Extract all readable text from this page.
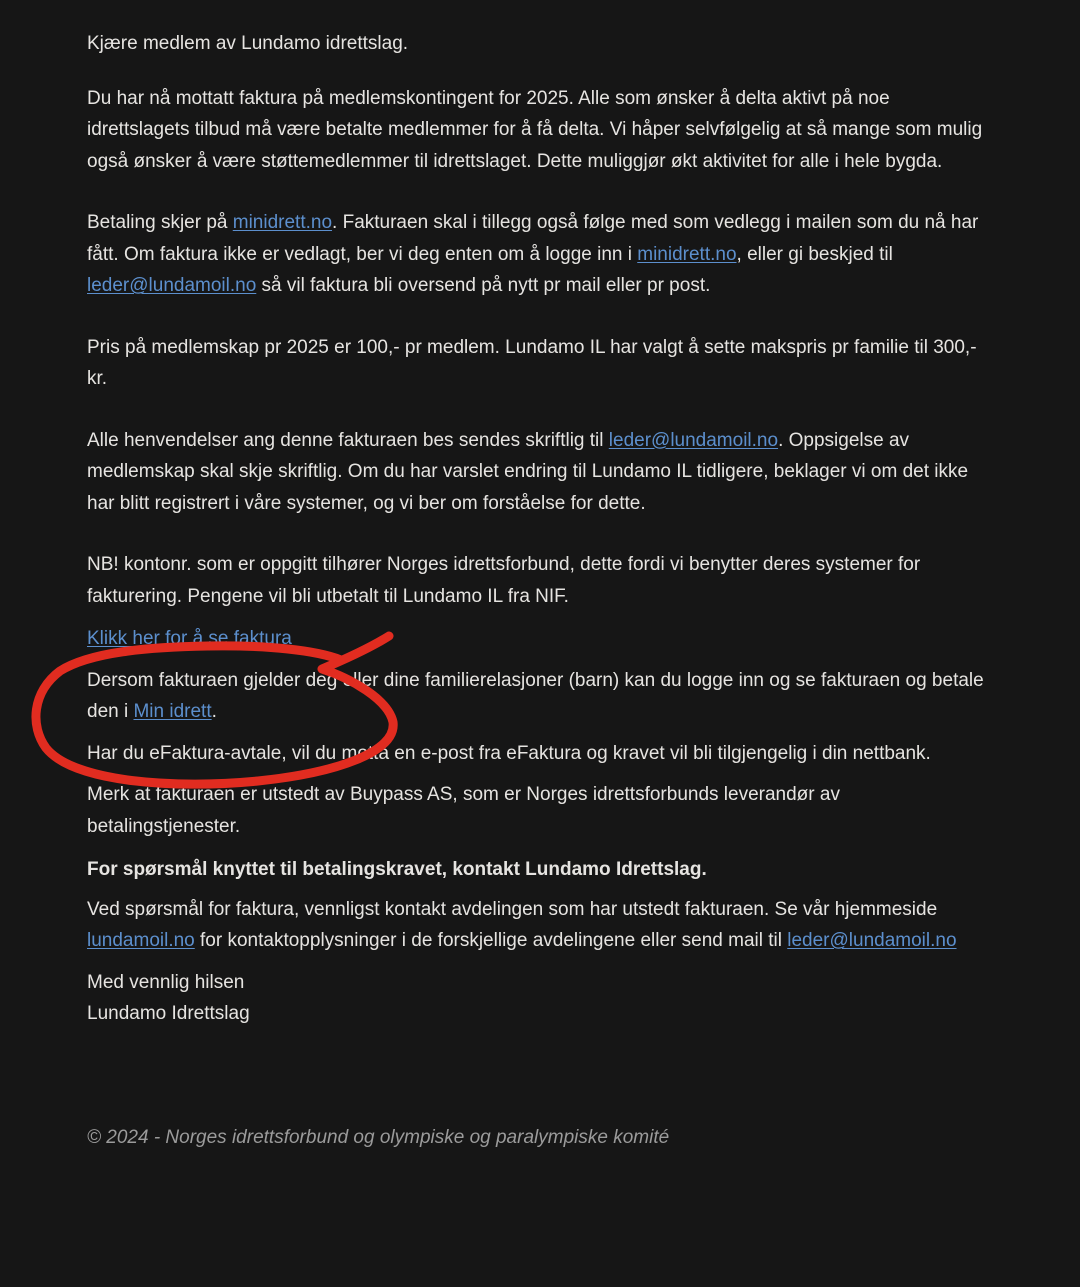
Kjære medlem av Lundamo idrettslag.

Du har nå mottatt faktura på medlemskontingent for 2025. Alle som ønsker å delta aktivt på noe idrettslagets tilbud må være betalte medlemmer for å få delta. Vi håper selvfølgelig at så mange som mulig også ønsker å være støttemedlemmer til idrettslaget. Dette muliggjør økt aktivitet for alle i hele bygda.

Betaling skjer på minidrett.no. Fakturaen skal i tillegg også følge med som vedlegg i mailen som du nå har fått. Om faktura ikke er vedlagt, ber vi deg enten om å logge inn i minidrett.no, eller gi beskjed til leder@lundamoil.no så vil faktura bli oversend på nytt pr mail eller pr post.

Pris på medlemskap pr 2025 er 100,- pr medlem. Lundamo IL har valgt å sette makspris pr familie til 300,- kr.

Alle henvendelser ang denne fakturaen bes sendes skriftlig til leder@lundamoil.no. Oppsigelse av medlemskap skal skje skriftlig. Om du har varslet endring til Lundamo IL tidligere, beklager vi om det ikke har blitt registrert i våre systemer, og vi ber om forståelse for dette.

NB! kontonr. som er oppgitt tilhører Norges idrettsforbund, dette fordi vi benytter deres systemer for fakturering. Pengene vil bli utbetalt til Lundamo IL fra NIF.

Klikk her for å se faktura

Dersom fakturaen gjelder deg eller dine familierelasjoner (barn) kan du logge inn og se fakturaen og betale den i Min idrett.

Har du eFaktura-avtale, vil du motta en e-post fra eFaktura og kravet vil bli tilgjengelig i din nettbank.

Merk at fakturaen er utstedt av Buypass AS, som er Norges idrettsforbunds leverandør av betalingstjenester.

For spørsmål knyttet til betalingskravet, kontakt Lundamo Idrettslag.

Ved spørsmål for faktura, vennligst kontakt avdelingen som har utstedt fakturaen. Se vår hjemmeside lundamoil.no for kontaktopplysninger i de forskjellige avdelingene eller send mail til leder@lundamoil.no

Med vennlig hilsen
Lundamo Idrettslag

© 2024 - Norges idrettsforbund og olympiske og paralympiske komité
